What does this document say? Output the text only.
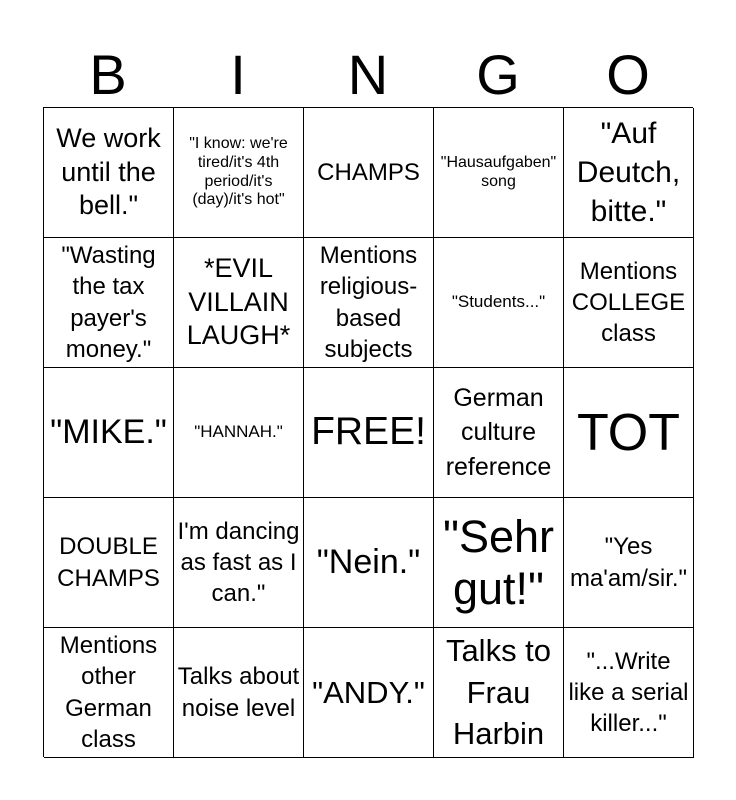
B	I	N	G	O
We work until the bell."
"I know: we're tired/it's 4th period/it's (day)/it's hot"
CHAMPS	"Hausaufgaben" song
"Auf Deutch, bitte."
"Wasting the tax payer's money."
*EVIL VILLAIN LAUGH*
Mentions religious-based subjects
"Students..."
Mentions COLLEGE class
"MIKE."	"HANNAH." FREE!
German culture reference
TOT
DOUBLE CHAMPS
I'm dancing as fast as I can."
"Nein."
"Sehr gut!"
"Yes ma'am/sir."
Mentions other German class
Talks about noise level "ANDY."
Talks to Frau Harbin
"...Write like a serial killer..."
